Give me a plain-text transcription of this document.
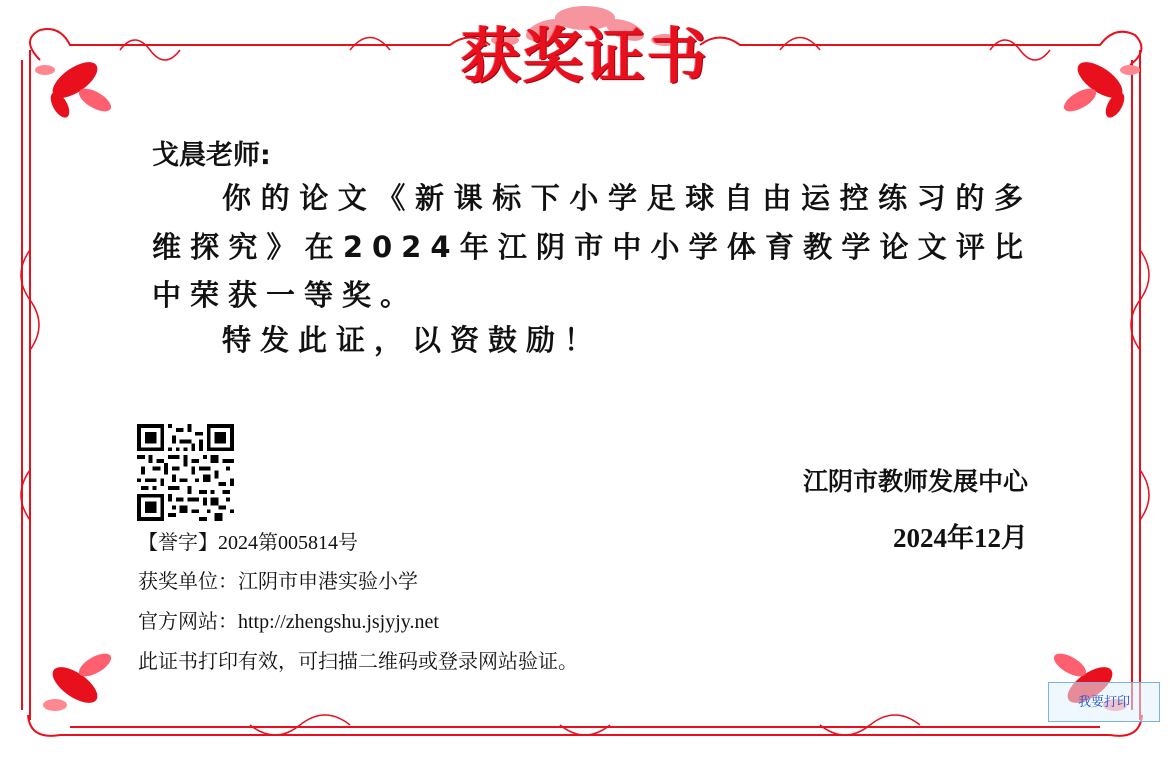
获奖证书
戈晨老师:

你的论文《新课标下小学足球自由运控练习的多维探究》在2024年江阴市中小学体育教学论文评比中荣获一等奖。

特发此证，以资鼓励！
江阴市教师发展中心
2024年12月
【誉字】2024第005814号
获奖单位：江阴市申港实验小学
官方网站：http://zhengshu.jsjyjy.net
此证书打印有效，可扫描二维码或登录网站验证。
我要打印
